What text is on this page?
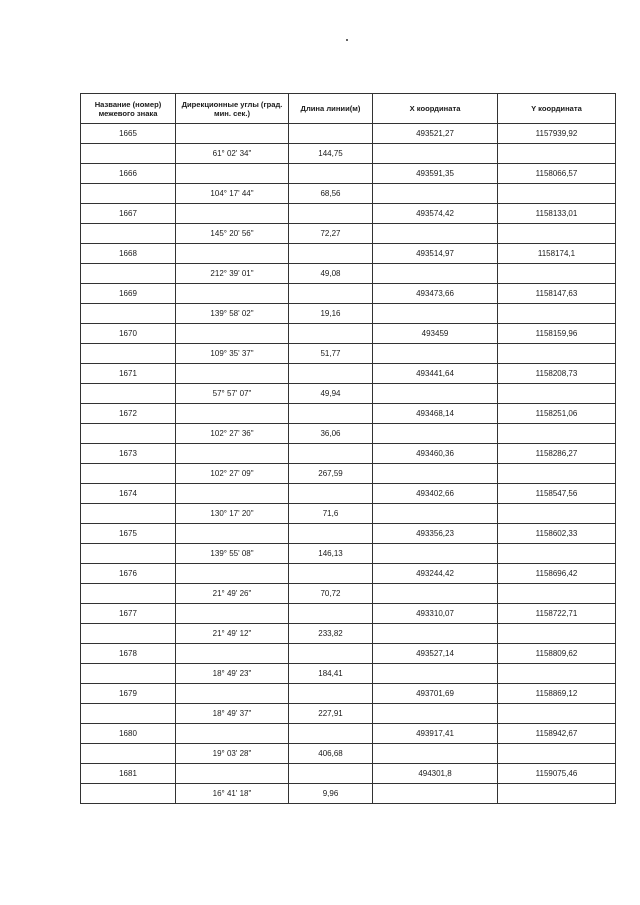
Название (номер) межевого знака	Дирекционные углы (град. мин. сек.)	Длина линии(м)	X координата	Y координата
1665			493521,27	1157939,92
	61° 02' 34"	144,75		
1666			493591,35	1158066,57
	104° 17' 44"	68,56		
1667			493574,42	1158133,01
	145° 20' 56"	72,27		
1668			493514,97	1158174,1
	212° 39' 01"	49,08		
1669			493473,66	1158147,63
	139° 58' 02"	19,16		
1670			493459	1158159,96
	109° 35' 37"	51,77		
1671			493441,64	1158208,73
	57° 57' 07"	49,94		
1672			493468,14	1158251,06
	102° 27' 36"	36,06		
1673			493460,36	1158286,27
	102° 27' 09"	267,59		
1674			493402,66	1158547,56
	130° 17' 20"	71,6		
1675			493356,23	1158602,33
	139° 55' 08"	146,13		
1676			493244,42	1158696,42
	21° 49' 26"	70,72		
1677			493310,07	1158722,71
	21° 49' 12"	233,82		
1678			493527,14	1158809,62
	18° 49' 23"	184,41		
1679			493701,69	1158869,12
	18° 49' 37"	227,91		
1680			493917,41	1158942,67
	19° 03' 28"	406,68		
1681			494301,8	1159075,46
	16° 41' 18"	9,96		
